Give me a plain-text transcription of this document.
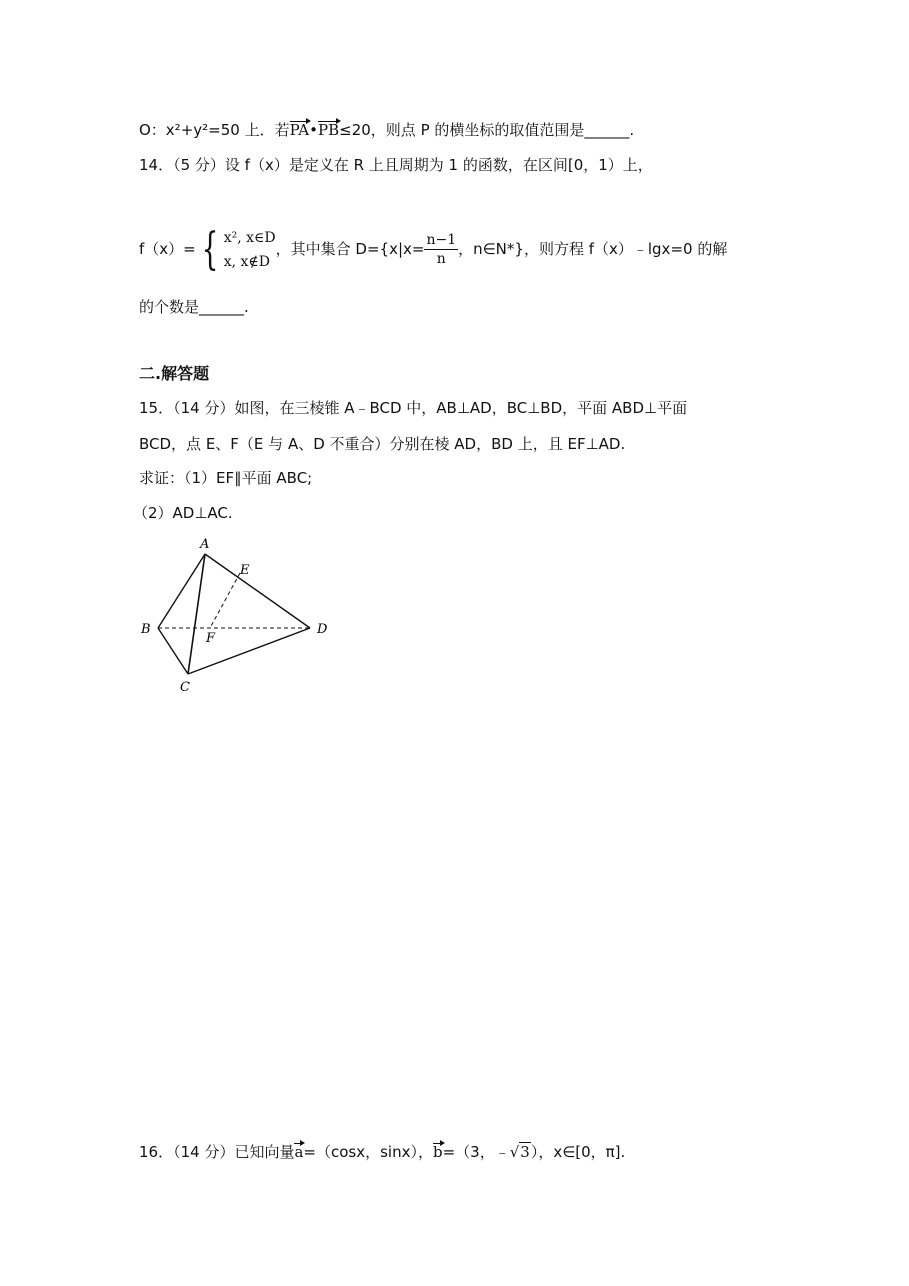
O：x²+y²=50 上．若PA•PB≤20，则点 P 的横坐标的取值范围是______.
14．（5 分）设 f（x）是定义在 R 上且周期为 1 的函数，在区间[0，1）上，
f（x）= { x², x∈D
x, x∉D
，其中集合 $D=\{x|x= \frac{n-1}{n}$ ，n∈N*}，则方程 f（x）﹣lgx=0 的解
的个数是______.
二.解答题
15．（14 分）如图，在三棱锥 A﹣BCD 中，AB⊥AD，BC⊥BD，平面 ABD⊥平面
BCD，点 E、F（E 与 A、D 不重合）分别在棱 AD，BD 上，且 EF⊥AD.
求证：（1）EF∥平面 ABC;
（2）AD⊥AC.
A
B
C
D
E
F
16．（14 分）已知向量a=（cosx，sinx），b=（3，﹣√3），x∈[0，π].
